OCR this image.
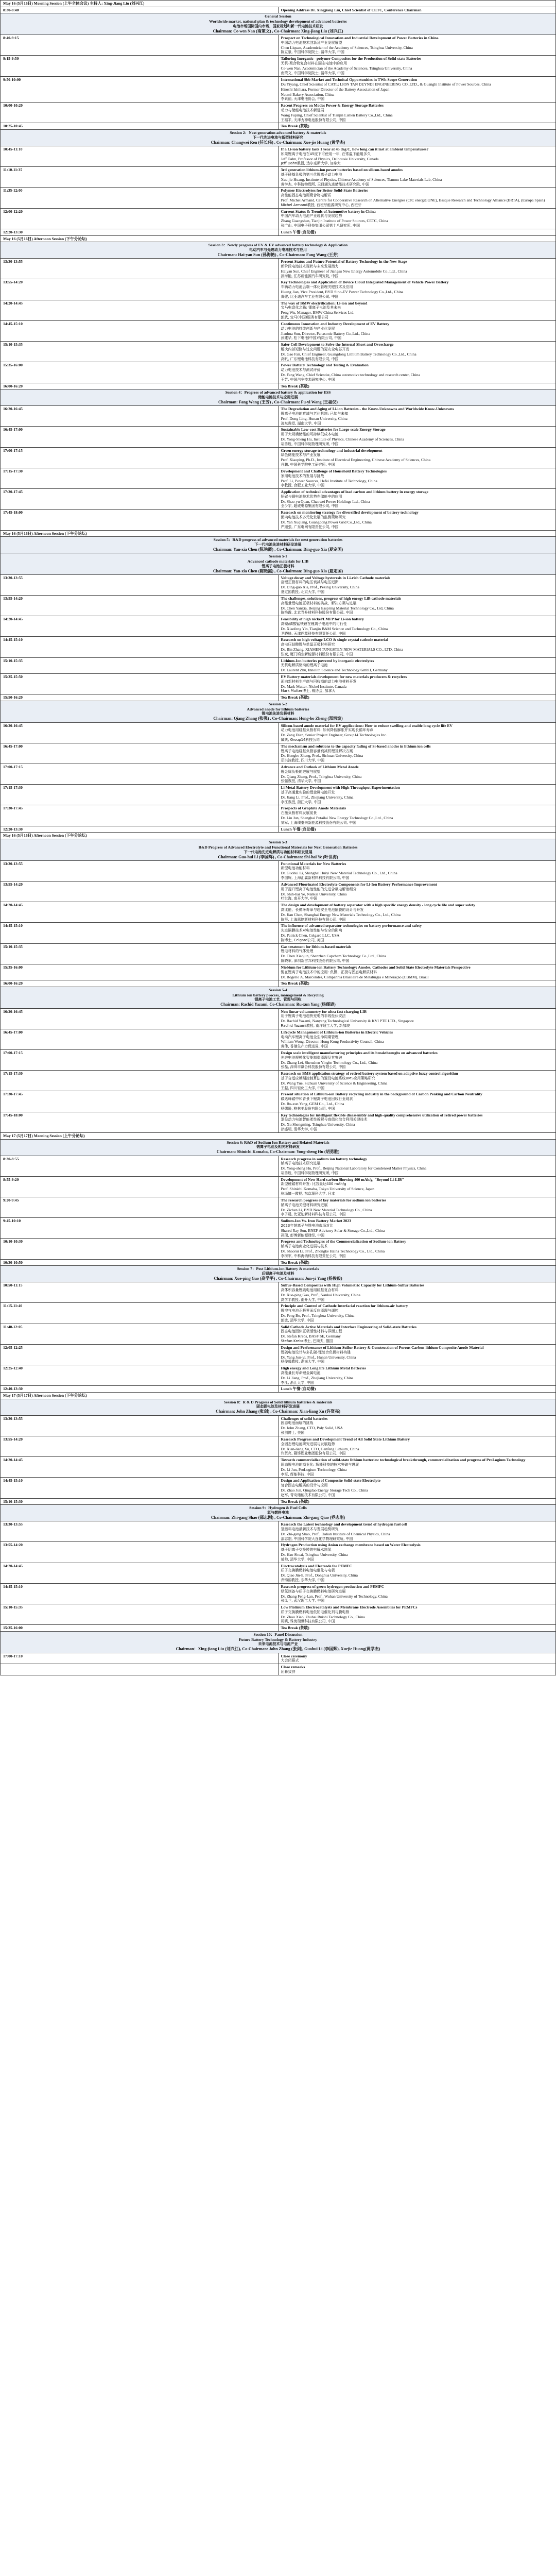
May 16 (5月16日) Morning Session (上午全体会议) 主持人: Xing-Jiang Liu (刘兴江)	
8:30-8:40	Opening Address Dr. Xingjiang Liu, Chief Scientist of CETC, Conference Chairman

General Session
Worldwide market, national plan & technology development of advanced batteries
电池市场国际国内市场、国家规划和新一代电池技术研发
Chairman: Ce-wen Nan (南策文) , Co-Chairman: Xing-jiang Liu (刘兴江)	

8:40-9:15	Prospect on Technological Innovation and Industrial Development of Power Batteries in China
中国动力电池技术创新及产业发展展望
Chen Liquan, Academician of the Academy of Sciences, Tsinghua University, China
陈立泉, 中国科学院院士, 清华大学, 中国

9:15-9:50	Tailoring Inorganic - polymer Composites for the Production of Solid-state Batteries
无机-聚合物复合材料在固态电池中的应用
Ce-wen Nan, Academician of the Academy of Sciences, Tsinghua University, China
南策文, 中国科学院院士, 清华大学, 中国

9:50-10:00	International Sbb Market and Technical Opportunities in TWh Scope Generation
Du Yiyang, Chief Scientist of CATL; LION TAN DEYNDI ENGINEERING CO.,LTD., & Guanghi Institute of Power Sources, China
Hiroshi Ishihara, Former Director of the Battery Association of Japan
Naomi Bakery Association, China
李素丽, 天津电池协会, 中国

10:00-10:20	Recent Progress on Modes Power & Energy Storage Batteries
动力与储能电池技术新进展
Wang Fuping, Chief Scientist of Tianjin Lishen Battery Co.,Ltd., China
王福平, 天津力神电池股份有限公司, 中国

10:25-10:45	Tea Break (茶歇)

Session 2：Next generation advanced battery & materials
下一代先进电池与新型材料研究
Chairman: Changwei Ren (任长伟) , Co-Chairman: Xue-jie Huang (黄学杰)	

10:45-11:10	If a Li-ion battery lasts 1 year at 45 deg C, how long can it last at ambient temperatures?
如果锂离子电池在45度下可使用一年, 在常温下能用多久
Jeff Dahn, Professor of Physics, Dalhousie University, Canada
Jeff Dahn教授, 达尔豪斯大学, 加拿大

11:10-11:35	3rd generation lithium-ion power batteries based on silicon-based anodes
基于硅基负极的第三代锂离子动力电池
Xue-jie Huang, Institute of Physics, Chinese Academy of Sciences, Tianmu Lake Materials Lab, China
黄学杰, 中科院物理所, 天目湖先进储能技术研究院, 中国

11:35-12:00	Polymer Electrolytes for Better Solid-State Batteries
高性能固态电池用聚合物电解质
Prof. Michel Armand, Centre for Cooperative Research on Alternative Energies (CIC energiGUNE), Basque Research and Technology Alliance (BRTA), (Europa Spain)
Michel Armand教授, 西班牙能源研究中心, 西班牙

12:00-12:20	Current Status & Trends of Automotive battery in China
中国汽车动力电池产业现状与发展趋势
Zhang Guangshan, Tianjin Institute of Power Sources, CETC, China
张广山, 中国电子科技集团公司第十八研究所, 中国

12:20-13:30	Lunch 午餐 (自助餐)
May 16 (5月16日) Afternoon Session (下午分论坛)	

Session 3：Newly progress of EV & EV advanced battery technology & Application
电动汽车与先进动力电池技术与应用
Chairman: Hai-yan Sun (孙海艳) , Co-Chairman: Fang Wang (王芳)	

13:30-13:55	Present Status and Future Potential of Battery Technology in the New Stage
新阶段电池技术现状与未来发展潜力
Haiyan Sun, Chief Engineer of Jiangsu New Energy Automobile Co.,Ltd., China
孙海艳, 江苏新能源汽车研究院, 中国

13:55-14:20	Key Technologies and Application of Device Cloud Integrated Management of Vehicle Power Battery
车辆动力电池云端一体化管理关键技术及应用
Huang Jian, Vice President, BYD Sino-EV Power Technology Co.,Ltd., China
黄健, 比亚迪汽车工业有限公司, 中国

14:20-14:45	The way of BMW electrification: Li-ion and beyond
宝马电动化之路: 锂离子电池及其未来
Peng Wu, Manager, BMW China Services Ltd.
彭武, 宝马(中国)服务有限公司

14:45-15:10	Continuous Innovation and Industry Development of EV Battery
动力电池的持续创新与产业化发展
Jianhua Sun, Director, Panasonic Battery Co.,Ltd., China
孙建华, 松下电池(中国)有限公司, 中国

15:10-15:35	Safer Cell Development to Solve the Internal Short and Overcharge
解决内部短路与过充问题的更安全电芯开发
Dr. Gao Fan, Chief Engineer, Guangdong Lithium Battery Technology Co.,Ltd., China
高帆, 广东锂电池科技有限公司, 中国

15:35-16:00	Power Battery Technology and Testing & Evaluation
动力电池技术与测试评价
Dr. Fang Wang, Chief Scientist, China automotive technology and research center, China
王芳, 中国汽车技术研究中心, 中国

16:00-16:20	Tea Break (茶歇)

Session 4：Progress of advanced battery & application for ESS
储能电池技术与应用进展
Chairman: Fang Wang (王芳) , Co-Chairman: Fu-yi Wang (王福仪)	

16:20-16:45	The Degradation and Aging of Li-ion Batteries - the Know-Unknowns and Worldwide Know-Unknowns
锂离子电池的衰减与老化机制: 已知与未知
Prof. Dong Ling, Hunan University, China
凌东教授, 湖南大学, 中国

16:45-17:00	Sustainable Low-cost Batteries for Large-scale Energy Storage
用于大规模储能的可持续低成本电池
Dr. Yong-Sheng Hu, Institute of Physics, Chinese Academy of Sciences, China
胡勇胜, 中国科学院物理研究所, 中国

17:00-17:15	Green energy storage technology and industrial development
绿色储能技术与产业发展
Prof. Xiaoping, Ph.D., Institute of Electrical Engineering, Chinese Academy of Sciences, China
肖鹏, 中国科学院电工研究所, 中国

17:15-17:30	Development and Challenge of Household Battery Technologies
家用电池技术的发展与挑战
Prof. Li, Power Sources, Hefei Institute of Technology, China
李教授, 合肥工业大学, 中国

17:30-17:45	Application of technical advantages of lead carbon and lithium battery in energy storage
铅碳与锂电池技术优势在储能中的应用
Dr. Shao-yu Quan, Chaowei Power Holdings Ltd., China
全少宇, 超威电源集团有限公司, 中国

17:45-18:00	Research on monitoring strategy for diversified development of battery technology
面向电池技术多元化发展的监测策略研究
Dr. Yan Xuqiang, Guangdong Power Grid Co.,Ltd., China
严旭强, 广东电网有限责任公司, 中国

May 16 (5月16日) Afternoon Session (下午分论坛)	

Session 5：R&D progress of advanced materials for next generation batteries
下一代电池先进材料研发进展
Chairman: Yan-xia Chen (陈艳霞) , Co-Chairman: Ding-guo Xia (夏定国)	

Session 5-1
Advanced cathode materials for LIB
锂离子电池正极材料
Chairman: Yan-xia Chen (陈艳霞) , Co-Chairman: Ding-guo Xia (夏定国)	

13:30-13:55	Voltage decay and Voltage hysteresis in Li-rich Cathode materials
富锂正极材料的电压衰减与电压迟滞
Dr. Ding-guo Xia, Prof., Peking University, China
夏定国教授, 北京大学, 中国

13:55-14:20	The challenges, solutions, progress of high energy LiB cathode materials
高能量锂电池正极材料的挑战、解决方案与进展
Dr. Chen Yanxia, Beijing Easpring Material Technology Co., Ltd, China
陈艳霞, 北京当升材料科技股份有限公司, 中国

14:20-14:45	Feasibility of high nickel/LMFP for Li-ion battery
高镍/磷酸锰铁锂在锂离子电池中的可行性
Dr. Xiaofeng Yin, Tianjin B&M Science and Technology Co., China
尹晓峰, 天津巴莫科技有限责任公司, 中国

14:45-15:10	Research on high voltage LCO & single crystal cathode material
高电压钴酸锂与单晶正极材料研究
Dr. Bin Zhang, XIAMEN TUNGSTEN NEW MATERIALS CO., LTD, China
张斌, 厦门钨业新能源材料股份有限公司, 中国

15:10-15:35	Lithium-Ion batteries powered by inorganic electrolytes
无机电解质驱动的锂离子电池
Dr. Laurent Zhu, Innolith Science and Technology GmbH, Germany

15:35-15:50	EV Battery materials development for new materials producers & recyclers
面向新材料生产商与回收商的动力电池材料开发
Dr. Mark Mutter, Nickel Institute, Canada
Mark Mutter博士, 镍协会, 加拿大

15:50-16:20	Tea Break (茶歇)

Session 5-2
Advanced anode for lithium batteries
锂电池先进负极材料
Chairman: Qiang Zhang (张强) , Co-Chairman: Hong-bo Zheng (郑洪波)	

16:20-16:45	Silicon-based anode material for EV applications: How to reduce swelling and enable long cycle life EV
动力电池用硅基负极材料: 如何降低膨胀并实现长循环寿命
Dr. Zang Dian, Senior Project Engineer, Group14 Technologies Inc.
臧典, Group14科技公司

16:45-17:00	The mechanism and solutions to the capacity fading of Si-based anodes in lithium ion cells
锂离子电池硅基负极容量衰减机理及解决方案
Dr. Hongbo Zheng, Prof., Sichuan University, China
郑洪波教授, 四川大学, 中国

17:00-17:15	Advance and Outlook of Lithium Metal Anode
锂金属负极的进展与展望
Dr. Qiang Zhang, Prof., Tsinghua University, China
张强教授, 清华大学, 中国

17:15-17:30	Li Metal Battery Development with High Throughput Experimentation
基于高通量实验的锂金属电池开发
Dr. Jiang Li, Prof., Zhejiang University, China
李江教授, 浙江大学, 中国

17:30-17:45	Prospects of Graphite Anode Materials
石墨负极材料发展前景
Dr. Liu Jun, Shanghai Putailai New Energy Technology Co.,Ltd., China
刘军, 上海璞泰来新能源科技股份有限公司, 中国

12:20-13:30	Lunch 午餐 (自助餐)
May 16 (5月16日) Afternoon Session (下午分论坛)	

Session 5-3
R&D Progress of Advanced Electrolyte and Functional Materials for Next Generation Batteries
下一代电池先进电解质与功能材料研发进展
Chairman: Guo-hui Li (李国辉) , Co-Chairman: Shi-hai Ye (叶世海)	

13:30-13:55	Functional Materials for New Batteries
新型电池功能材料
Dr. Guohui Li, Shanghai Huiyi New Material Technology Co., Ltd., China
李国辉, 上海汇翼新材料科技有限公司, 中国

13:55-14:20	Advanced Fluorinated Electrolyte Components for Li-Ion Battery Performance Improvement
用于提升锂离子电池性能的先进含氟电解液组分
Dr. Shih-hai Ye, Nankai University, China
叶世海, 南开大学, 中国

14:20-14:45	The design and development of battery separator with a high specific energy density - long cycle life and super safety
高比能、长循环寿命与超安全电池隔膜的设计与开发
Dr. Jian Chen, Shanghai Energy New Materials Technology Co., Ltd., China
陈坚, 上海恩捷新材料科技有限公司, 中国

14:45-15:10	The influence of advanced separator technologies on battery performance and safety
先进隔膜技术对电池性能与安全的影响
Dr. Patrick Chen, Celgard LLC, USA
陈博士, Celgard公司, 美国

15:10-15:35	Gas treatment for lithium-based materials
锂电材料的气体处理
Dr. Chen Xiaojun, Shenzhen Capchem Technology Co.,Ltd., China
陈晓军, 深圳新宙邦科技股份有限公司, 中国

15:35-16:00	Niobium for Lithium-ion Battery Technology: Anodes, Cathodes and Solid State Electrolyte Materials Perspective
铌在锂离子电池技术中的应用: 负极、正极与固态电解质材料
Dr. Rogério A. Marcondes, Companhia Brasileira de Metalurgia e Mineração (CBMM), Brazil

16:00-16:20	Tea Break (茶歇)

Session 5-4
Lithium ion battery process, management & Recycling
锂离子电池工艺、管理与回收
Chairman: Rachid Yazami, Co-Chairman: Ru-xun Yang (杨儒逊)	

16:20-16:45	Non linear voltammetry for ultra fast charging LIB
用于锂离子电池超快充电的非线性伏安法
Dr. Rachid Yazami, Nanyang Technological University & KVI PTE LTD., Singapore
Rachid Yazami教授, 南洋理工大学, 新加坡

16:45-17:00	Lifecycle Management of Lithium-ion Batteries in Electric Vehicles
电动汽车锂离子电池全生命周期管理
William Wong, Director, Hong Kong Productivity Council, China
黄伟, 香港生产力促进局, 中国

17:00-17:15	Design scale intelligent manufacturing principles and its breakthroughs on advanced batteries
先进电池规模化智能制造原理及其突破
Dr. Zhang Lei, Shenzhen Yinghe Technology Co., Ltd., China
张磊, 深圳市赢合科技股份有限公司, 中国

17:15-17:30	Research on BMS application strategy of retired battery system based on adaptive fuzzy control algorithm
基于自适应模糊控制算法的退役电池系统BMS应用策略研究
Dr. Wang Yue, Sichuan University of Science & Engineering, China
王越, 四川轻化工大学, 中国

17:30-17:45	Present situation of Lithium-ion Battery recycling industry in the background of Carbon Peaking and Carbon Neutrality
碳达峰碳中和背景下锂离子电池回收行业现状
Dr. Ru-xun Yang, GEM Co., Ltd., China
杨儒逊, 格林美股份有限公司, 中国

17:45-18:00	Key technologies for intelligent flexible disassembly and high-quality comprehensive utilization of retired power batteries
退役动力电池智能柔性拆解与高值化综合利用关键技术
Dr. Xu Shengming, Tsinghua University, China
徐盛明, 清华大学, 中国

May 17 (5月17日) Morning Session (上午分论坛)	

Session 6: R&D of Sodium Ion Battery and Related Materials
钠离子电池及相关材料研发
Chairman: Shinichi Komaba, Co-Chairman: Yong-sheng Hu (胡勇胜)	

8:30-8:55	Research progress in sodium ion battery technology
钠离子电池技术研究进展
Dr. Yong-sheng Hu, Prof., Beijing National Laboratory for Condensed Matter Physics, China
胡勇胜, 中国科学院物理研究所, 中国

8:55-9:20	Development of New Hard carbon Showing 400 mAh/g, "Beyond Li-LIB"
新型硬碳材料开发: 比容量达400 mAh/g
Prof. Shinichi Komaba, Tokyo University of Science, Japan
驹场慎一教授, 东京理科大学, 日本

9:20-9:45	The research progress of key materials for sodium ion batteries
钠离子电池关键材料研究进展
Dr. Zichen Li, BYD New Material Technology Co., China
李子晨, 比亚迪新材料科技有限公司, 中国

9:45-10:10	Sodium-Ion Vs. Iron Battery Market 2023
2023年钠离子与铁电池市场对比
Shared Ray Sun, BNEF Advisory Solar & Storage Co.,Ltd., China
孙瑞, 彭博新能源财经, 中国

10:10-10:30	Progress and Technologies of the Commercialization of Sodium-ion Battery
钠离子电池商业化进展与技术
Dr. Shaorui Li, Prof., Zhongke Haina Technology Co., Ltd., China
李树军, 中科海钠科技有限责任公司, 中国

10:30-10:50	Tea Break (茶歇)

Session 7：Post Lithium-ion Battery & materials
后锂离子电池及材料
Chairman: Xue-ping Gao (高学平) , Co-Chairman: Jun-yi Yang (杨俊毅)	

10:50-11:15	Sulfur-Based Composites with High Volumetric Capacity for Lithium-Sulfur Batteries
高体积容量锂硫电池用硫基复合材料
Dr. Xue-ping Gao, Prof., Nankai University, China
高学平教授, 南开大学, 中国

11:15-11:40	Principle and Control of Cathode Interfacial reaction for lithium-air battery
锂空气电池正极界面反应原理与调控
Dr. Peng Bo, Prof., Tsinghua University, China
彭波, 清华大学, 中国

11:40-12:05	Solid Cathode Active Materials and Interface Engineering of Solid-state Batteries
固态电池固体正极活性材料与界面工程
Dr. Stefan Krebs, BASF SE, Germany
Stefan Krebs博士, 巴斯夫, 德国

12:05-12:25	Design and Performance of Lithium-Sulfur Battery & Construction of Porous Carbon-lithium Composite Anode Material
锂硫电池设计与多孔碳-锂复合负极材料构建
Dr. Yang Jun-yi, Prof., Hunan University, China
杨俊毅教授, 湖南大学, 中国

12:25-12:40	High energy and Long life Lithium Metal Batteries
高能量长寿命锂金属电池
Dr. Li Jiang, Prof., Zhejiang University, China
李江, 浙江大学, 中国

12:40-13:30	Lunch 午餐 (自助餐)
May 17 (5月17日) Afternoon Session (下午分论坛)	

Session 8：R & D Progress of Solid lithium batteries & materials
固态锂电池及材料研发进展
Chairman: John Zhang (张剑) , Co-Chairman: Xian-liang Xu (许贤亮)	

13:30-13:55	Challenges of solid batteries
固态电池面临的挑战
Dr. John Zhang, CTO, Poly Solid, USA
张剑博士, 美国

13:55-14:20	Research Progress and Development Trend of All Solid State Lithium Battery
全固态锂电池研究进展与发展趋势
Dr. Xian-liang Xu, CTO, Ganfeng Lithium, China
许贤亮, 赣锋锂业集团股份有限公司, 中国

14:20-14:45	Towards commercialization of solid-state lithium batteries: technological breakthrough, commercialization and progress of ProLogium Technology
固态锂电池的商业化: 辉能科技的技术突破与进展
Dr. Li Jun, ProLogium Technology, China
李军, 辉能科技, 中国

14:45-15:10	Design and Application of Composite Solid-state Electrolyte
复合固态电解质的设计与应用
Dr. Zhao Jun, Qingdao Energy Storage Tech Co., China
赵军, 青岛储能技术有限公司, 中国

15:10-15:30	Tea Break (茶歇)

Session 9：Hydrogen & Fuel Cells
氢与燃料电池
Chairman: Zhi-gang Shao (邵志刚) , Co-Chairman: Zhi-gang Qiao (乔志刚)	

13:30-13:55	Research the Latest technology and development trend of hydrogen fuel cell
氢燃料电池最新技术与发展趋势研究
Dr. Zhi-gang Shao, Prof., Dalian Institute of Chemical Physics, China
邵志刚, 中国科学院大连化学物理研究所, 中国

13:55-14:20	Hydrogen Production using Anion exchange membrane based on Water Electrolysis
基于阴离子交换膜的电解水制氢
Dr. Hao Shuai, Tsinghua University, China
郝帅, 清华大学, 中国

14:20-14:45	Electrocatalysis and Electrode for PEMFC
质子交换膜燃料电池电催化与电极
Dr. Qiao Jin-li, Prof., Donghua University, China
乔锦丽教授, 东华大学, 中国

14:45-15:10	Research progress of green hydrogen production and PEMFC
绿氢制备与质子交换膜燃料电池研究进展
Dr. Zhang Feng-Lan, Prof., Wuhan University of Technology, China
张凤兰, 武汉理工大学, 中国

15:10-15:35	Low Platinum Electrocatalysts and Membrane Electrode Assemblies for PEMFCs
质子交换膜燃料电池低铂电催化剂与膜电极
Dr. Zhou Xiao, Zhuhai Ruishi Technology Co., China
周晓, 珠海瑞世科技有限公司, 中国

15:35-16:00	Tea Break (茶歇)

Session 10：Panel Discussion
Future Battery Technology & Battery Industry
未来电池技术与电池产业
Chairman：Xing-jiang Liu (刘兴江), Co-Chairman: John Zhang (张剑), Guohui Li (李国辉), Xuejie Huang(黄学杰)	

17:00-17:10	Close ceremony
大会闭幕式

	Close remarks
闭幕致辞
